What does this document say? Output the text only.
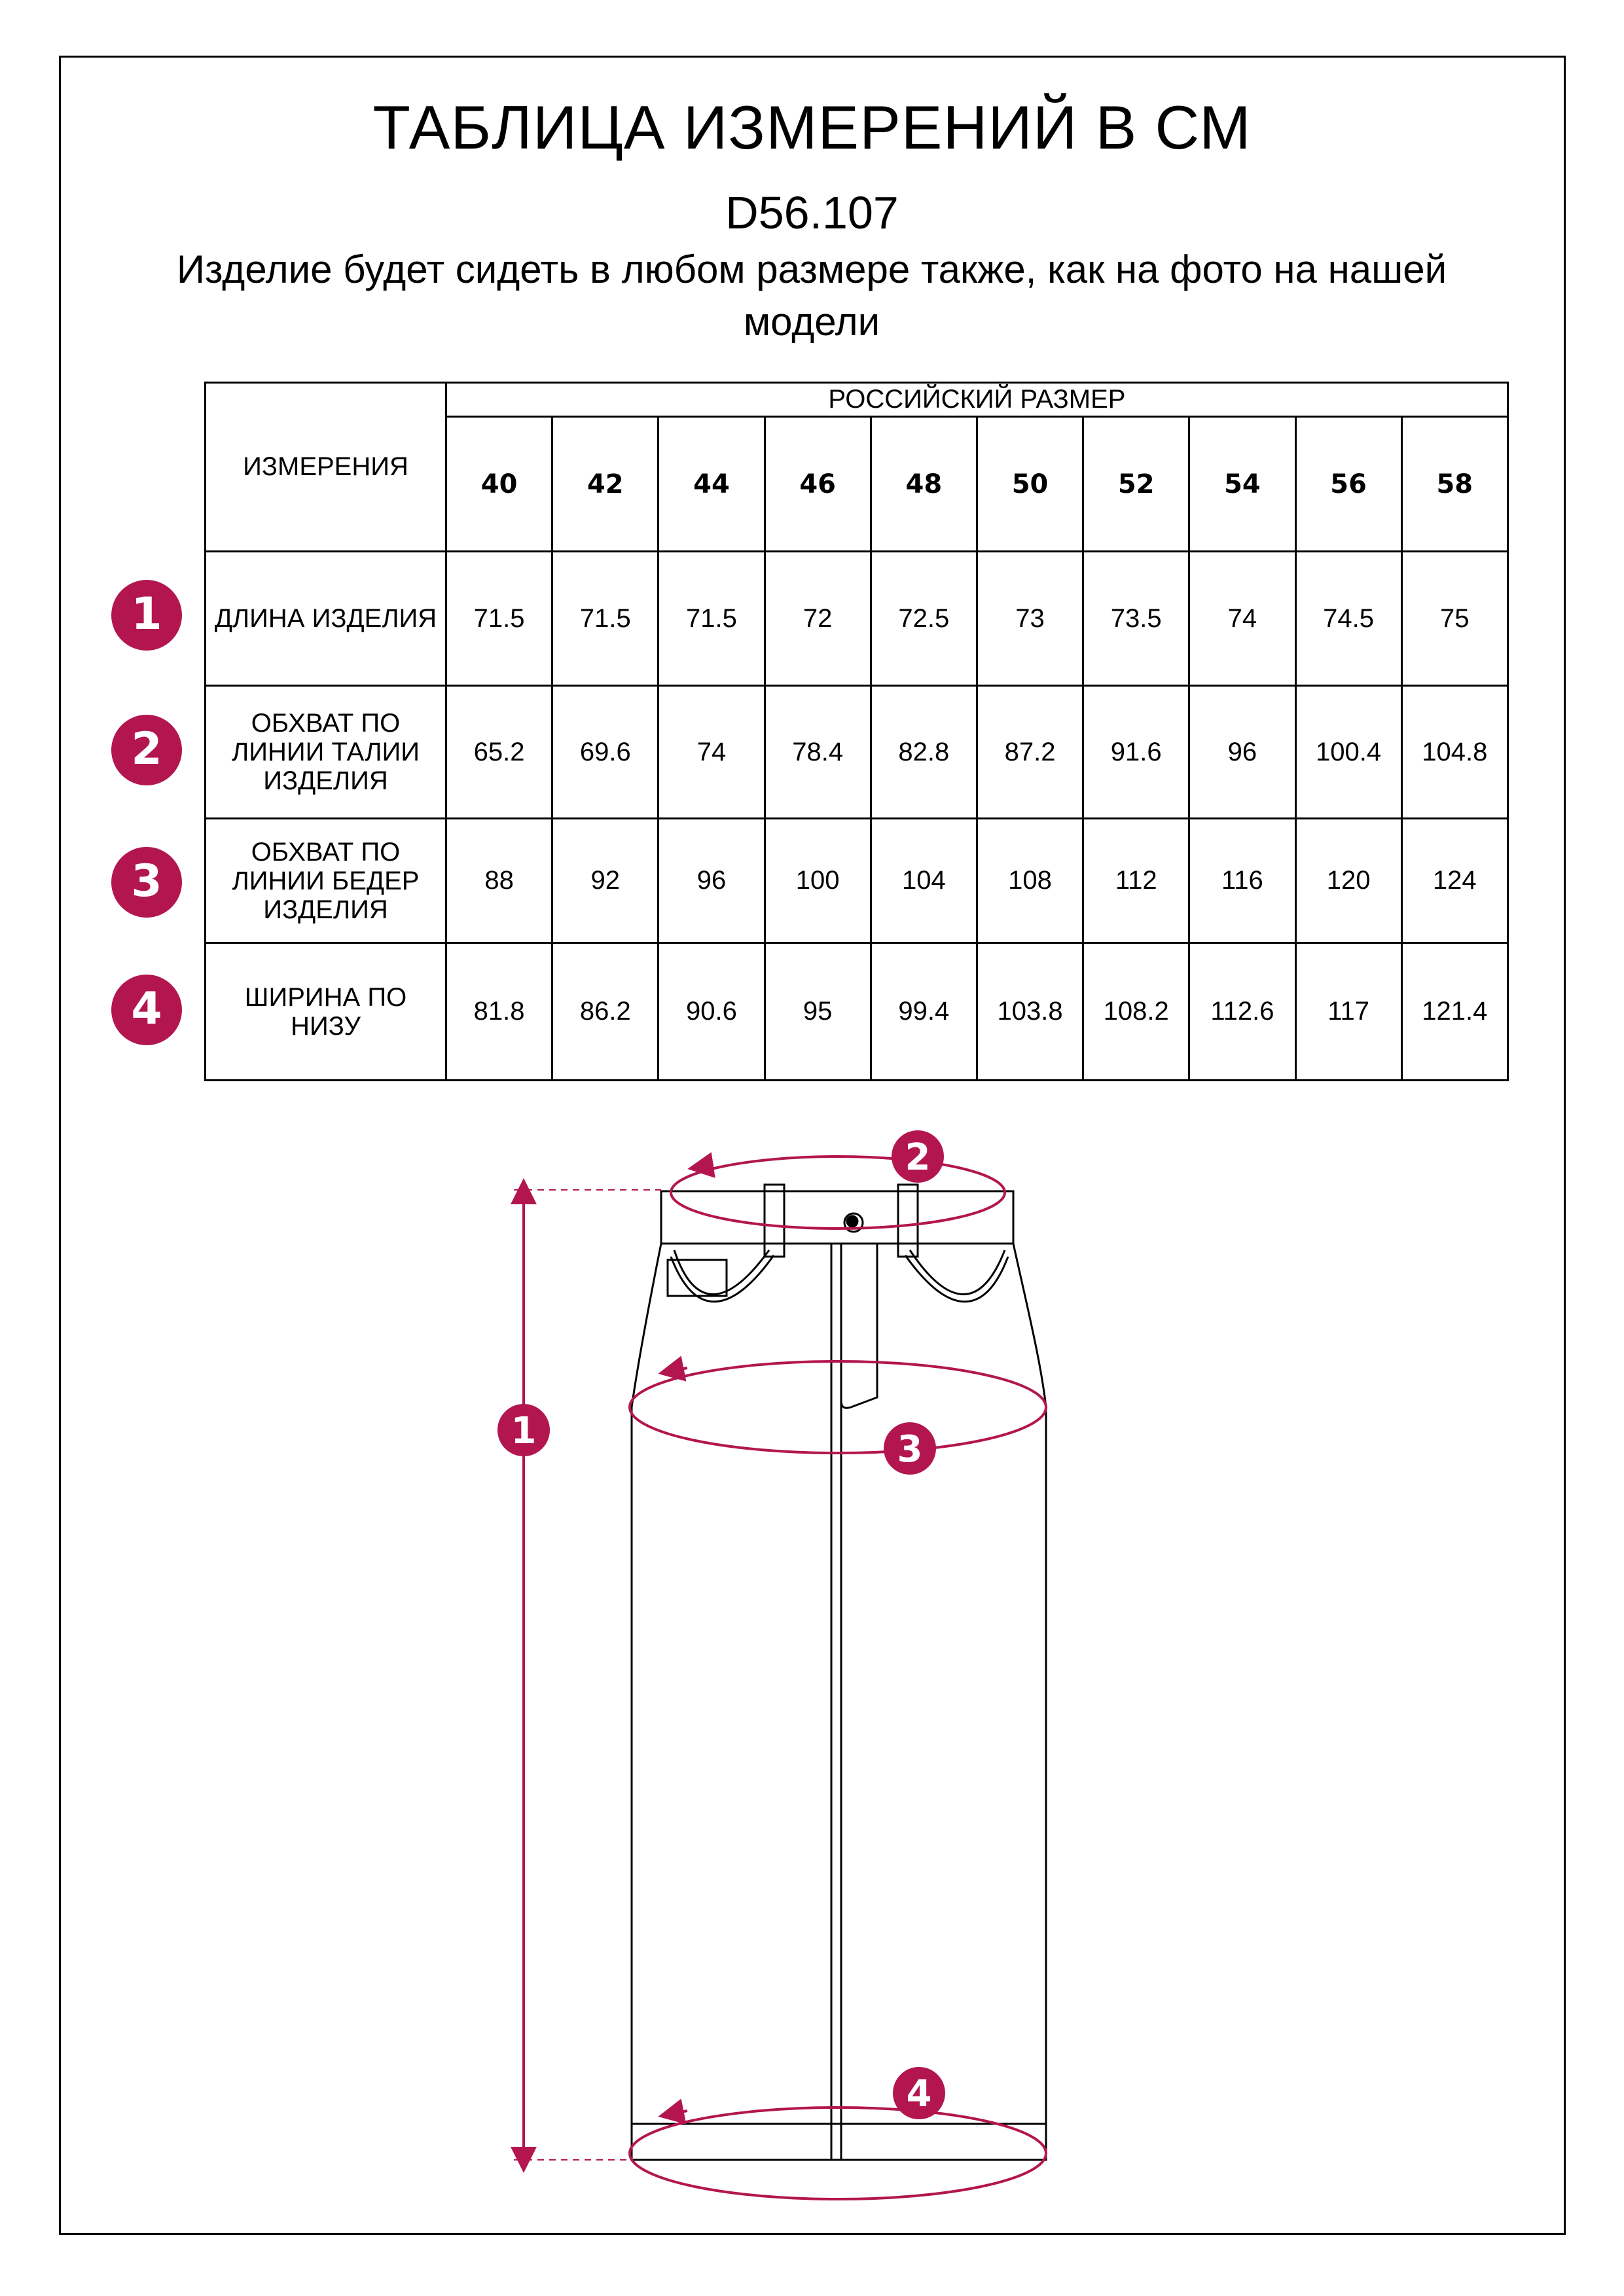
ТАБЛИЦА ИЗМЕРЕНИЙ В СМ
D56.107
Изделие будет сидеть в любом размере также, как на фото на нашей модели
ИЗМЕРЕНИЯ	РОССИЙСКИЙ РАЗМЕР									
	40	42	44	46	48	50	52	54	56	58
ДЛИНА ИЗДЕЛИЯ	71.5	71.5	71.5	72	72.5	73	73.5	74	74.5	75
ОБХВАТ ПО ЛИНИИ ТАЛИИ ИЗДЕЛИЯ	65.2	69.6	74	78.4	82.8	87.2	91.6	96	100.4	104.8
ОБХВАТ ПО ЛИНИИ БЕДЕР ИЗДЕЛИЯ	88	92	96	100	104	108	112	116	120	124
ШИРИНА ПО НИЗУ	81.8	86.2	90.6	95	99.4	103.8	108.2	112.6	117	121.4
1
2
3
4
1
2
3
4
